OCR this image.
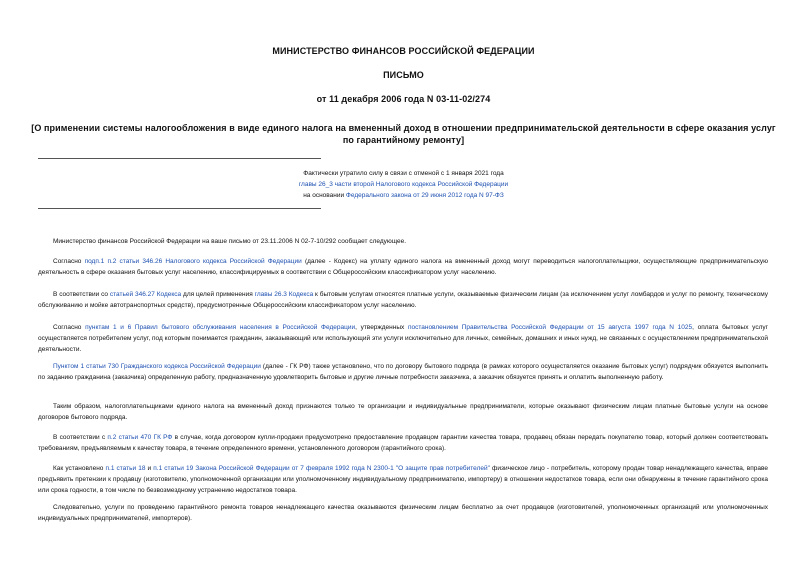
МИНИСТЕРСТВО ФИНАНСОВ РОССИЙСКОЙ ФЕДЕРАЦИИ
ПИСЬМО
от 11 декабря 2006 года N 03-11-02/274
[О применении системы налогообложения в виде единого налога на вмененный доход в отношении предпринимательской деятельности в сфере оказания услуг по гарантийному ремонту]
Фактически утратило силу в связи с отменой с 1 января 2021 года
главы 26_3 части второй Налогового кодекса Российской Федерации
на основании Федерального закона от 29 июня 2012 года N 97-ФЗ

Министерство финансов Российской Федерации на ваше письмо от 23.11.2006 N 02-7-10/292 сообщает следующее.

Согласно подп.1 п.2 статьи 346.26 Налогового кодекса Российской Федерации (далее - Кодекс) на уплату единого налога на вмененный доход могут переводиться налогоплательщики, осуществляющие предпринимательскую деятельность в сфере оказания бытовых услуг населению, классифицируемых в соответствии с Общероссийским классификатором услуг населению.

В соответствии со статьей 346.27 Кодекса для целей применения главы 26.3 Кодекса к бытовым услугам относятся платные услуги, оказываемые физическим лицам (за исключением услуг ломбардов и услуг по ремонту, техническому обслуживанию и мойке автотранспортных средств), предусмотренные Общероссийским классификатором услуг населению.

Согласно пунктам 1 и 6 Правил бытового обслуживания населения в Российской Федерации, утвержденных постановлением Правительства Российской Федерации от 15 августа 1997 года N 1025, оплата бытовых услуг осуществляется потребителем услуг, под которым понимается гражданин, заказывающий или использующий эти услуги исключительно для личных, семейных, домашних и иных нужд, не связанных с осуществлением предпринимательской деятельности.

Пунктом 1 статьи 730 Гражданского кодекса Российской Федерации (далее - ГК РФ) также установлено, что по договору бытового подряда (в рамках которого осуществляется оказание бытовых услуг) подрядчик обязуется выполнить по заданию гражданина (заказчика) определенную работу, предназначенную удовлетворить бытовые и другие личные потребности заказчика, а заказчик обязуется принять и оплатить выполненную работу.

Таким образом, налогоплательщиками единого налога на вмененный доход признаются только те организации и индивидуальные предприниматели, которые оказывают физическим лицам платные бытовые услуги на основе договоров бытового подряда.

В соответствии с п.2 статьи 470 ГК РФ в случае, когда договором купли-продажи предусмотрено предоставление продавцом гарантии качества товара, продавец обязан передать покупателю товар, который должен соответствовать требованиям, предъявляемым к качеству товара, в течение определенного времени, установленного договором (гарантийного срока).

Как установлено п.1 статьи 18 и п.1 статьи 19 Закона Российской Федерации от 7 февраля 1992 года N 2300-1 "О защите прав потребителей" физическое лицо - потребитель, которому продан товар ненадлежащего качества, вправе предъявить претензии к продавцу (изготовителю, уполномоченной организации или уполномоченному индивидуальному предпринимателю, импортеру) в отношении недостатков товара, если они обнаружены в течение гарантийного срока или срока годности, в том числе по безвозмездному устранению недостатков товара.

Следовательно, услуги по проведению гарантийного ремонта товаров ненадлежащего качества оказываются физическим лицам бесплатно за счет продавцов (изготовителей, уполномоченных организаций или уполномоченных индивидуальных предпринимателей, импортеров).
